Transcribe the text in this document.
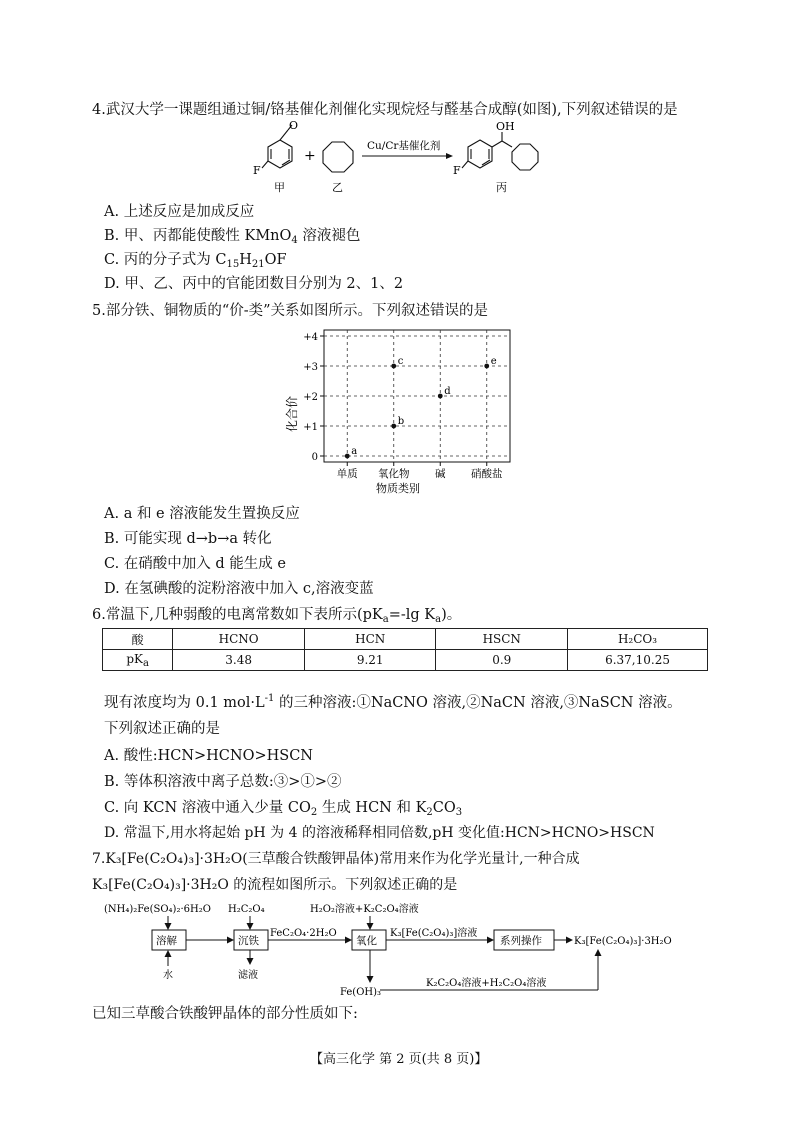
4.武汉大学一课题组通过铜/铬基催化剂催化实现烷烃与醛基合成醇(如图),下列叙述错误的是
O
F
甲
+
乙
Cu/Cr基催化剂
OH
F
丙
A. 上述反应是加成反应
B. 甲、丙都能使酸性 KMnO$_4$ 溶液褪色
C. 丙的分子式为 $C_{15}H_{21}OF$
D. 甲、乙、丙中的官能团数目分别为 2、1、2
5.部分铁、铜物质的“价-类”关系如图所示。下列叙述错误的是
化合价
物质类别
+4
+3
+2
+1
0
单质 氧化物 碱 硝酸盐
a
b
c
d
e
A. a 和 e 溶液能发生置换反应
B. 可能实现 d→b→a 转化
C. 在硝酸中加入 d 能生成 e
D. 在氢碘酸的淀粉溶液中加入 c,溶液变蓝
6.常温下,几种弱酸的电离常数如下表所示($pK_a=-\lg$ $K_a$)。
酸	HCNO	HCN	HSCN	H₂CO₃
$pK_a$	3.48	9.21	0.9	6.37,10.25
现有浓度均为 0.1 $mol\cdot L^{-1}$ 的三种溶液:①NaCNO 溶液,②NaCN 溶液,③NaSCN 溶液。
下列叙述正确的是
A. 酸性:HCN>HCNO>HSCN
B. 等体积溶液中离子总数:③>①>②
C. 向 KCN 溶液中通入少量 $CO_2$ 生成 HCN 和 $K_2CO_3$
D. 常温下,用水将起始 pH 为 4 的溶液稀释相同倍数,pH 变化值:HCN>HCNO>HSCN
7.K₃[Fe(C₂O₄)₃]·3H₂O(三草酸合铁酸钾晶体)常用来作为化学光量计,一种合成
K₃[Fe(C₂O₄)₃]·3H₂O 的流程如图所示。下列叙述正确的是
(NH₄)₂Fe(SO₄)₂·6H₂O H₂C₂O₄	H₂O₂溶液+K₂C₂O₄溶液
溶解	沉铁	氧化	系列操作
FeC₂O₄·2H₂O	K₃[Fe(C₂O₄)₃]溶液
K₃[Fe(C₂O₄)₃]·3H₂O
水	滤液
Fe(OH)₃
K₂C₂O₄溶液+H₂C₂O₄溶液
已知三草酸合铁酸钾晶体的部分性质如下:
【高三化学 第 2 页(共 8 页)】
